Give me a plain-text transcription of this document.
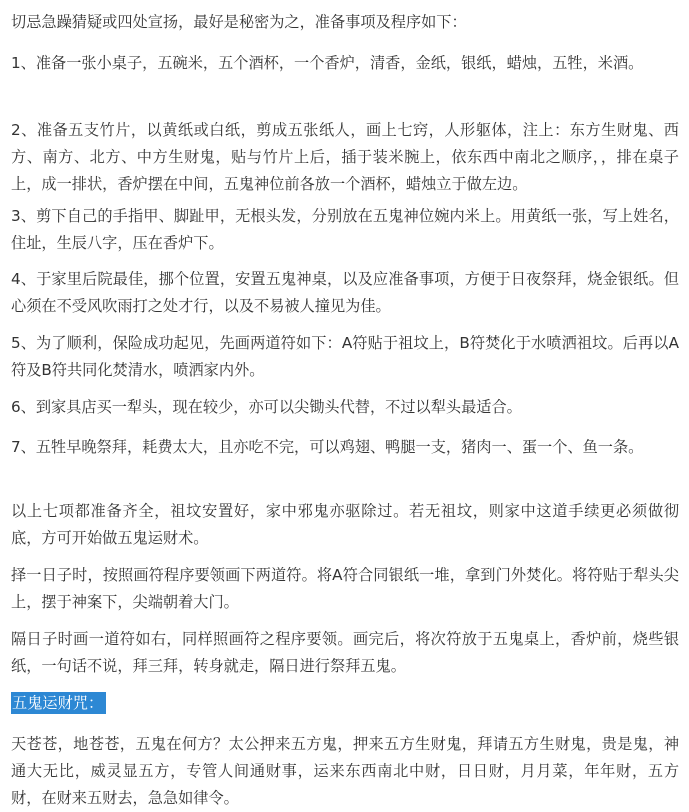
切忌急躁猜疑或四处宣扬，最好是秘密为之，准备事项及程序如下：

1、准备一张小桌子，五碗米，五个酒杯，一个香炉，清香，金纸，银纸，蜡烛，五牲，米酒。

2、准备五支竹片，以黄纸或白纸，剪成五张纸人，画上七窍，人形躯体，注上：东方生财鬼、西方、南方、北方、中方生财鬼，贴与竹片上后，插于装米腕上，依东西中南北之顺序，，排在桌子上，成一排状，香炉摆在中间，五鬼神位前各放一个酒杯，蜡烛立于做左边。

3、剪下自己的手指甲、脚趾甲，无根头发，分别放在五鬼神位婉内米上。用黄纸一张，写上姓名，住址，生辰八字，压在香炉下。

4、于家里后院最佳，挪个位置，安置五鬼神桌，以及应准备事项，方便于日夜祭拜，烧金银纸。但心须在不受风吹雨打之处才行，以及不易被人撞见为佳。

5、为了顺利，保险成功起见，先画两道符如下：A符贴于祖坟上，B符焚化于水喷洒祖坟。后再以A符及B符共同化焚清水，喷洒家内外。

6、到家具店买一犁头，现在较少，亦可以尖锄头代替，不过以犁头最适合。

7、五牲早晚祭拜，耗费太大，且亦吃不完，可以鸡翅、鸭腿一支，猪肉一、蛋一个、鱼一条。

以上七项都准备齐全，祖坟安置好，家中邪鬼亦驱除过。若无祖坟，则家中这道手续更必须做彻底，方可开始做五鬼运财术。

择一日子时，按照画符程序要领画下两道符。将A符合同银纸一堆，拿到门外焚化。将符贴于犁头尖上，摆于神案下，尖端朝着大门。

隔日子时画一道符如右，同样照画符之程序要领。画完后，将次符放于五鬼桌上，香炉前，烧些银纸，一句话不说，拜三拜，转身就走，隔日进行祭拜五鬼。

五鬼运财咒：

天苍苍，地苍苍，五鬼在何方？太公押来五方鬼，押来五方生财鬼，拜请五方生财鬼，贵是鬼，神通大无比，威灵显五方，专管人间通财事，运来东西南北中财，日日财，月月菜，年年财，五方财，在财来五财去，急急如律令。
